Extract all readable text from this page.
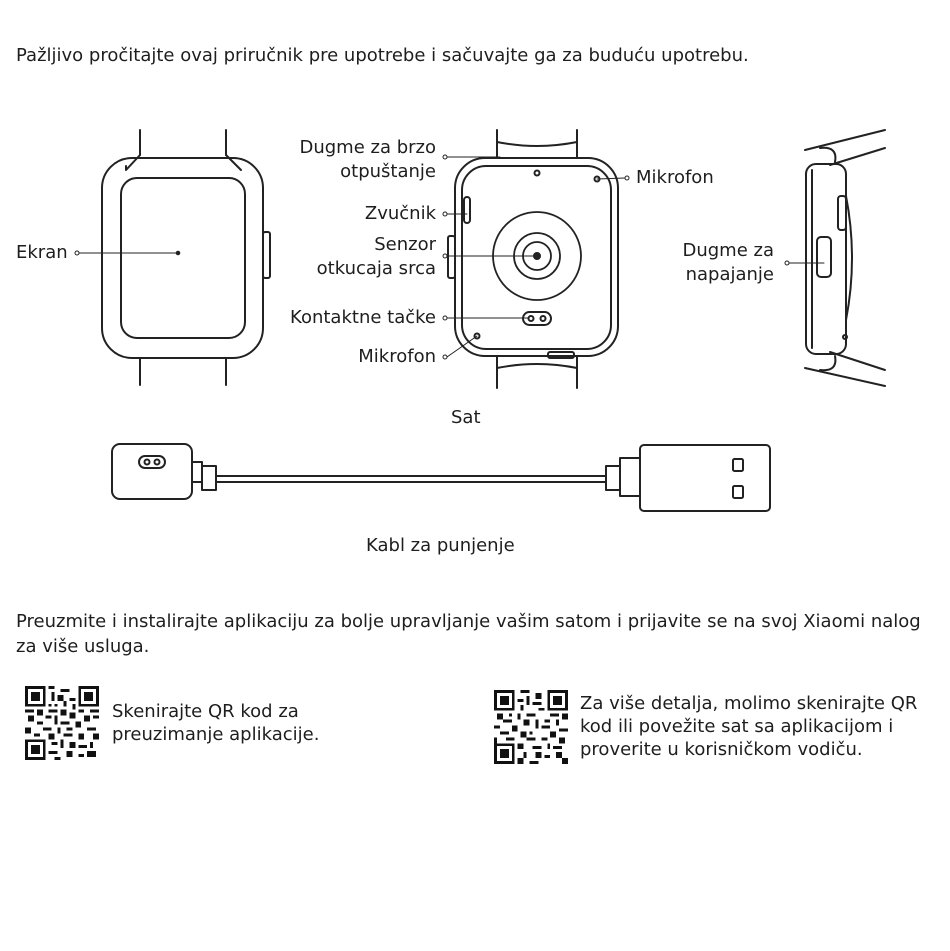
Pažljivo pročitajte ovaj priručnik pre upotrebe i sačuvajte ga za buduću upotrebu.
Ekran
Dugme za brzo
otpuštanje
Zvučnik
Senzor
otkucaja srca
Kontaktne tačke
Mikrofon
Mikrofon
Dugme za
napajanje
Sat
Kabl za punjenje
Preuzmite i instalirajte aplikaciju za bolje upravljanje vašim satom i prijavite se na svoj Xiaomi nalog za više usluga.
Skenirajte QR kod za preuzimanje aplikacije.
Za više detalja, molimo skenirajte QR kod ili povežite sat sa aplikacijom i proverite u korisničkom vodiču.
